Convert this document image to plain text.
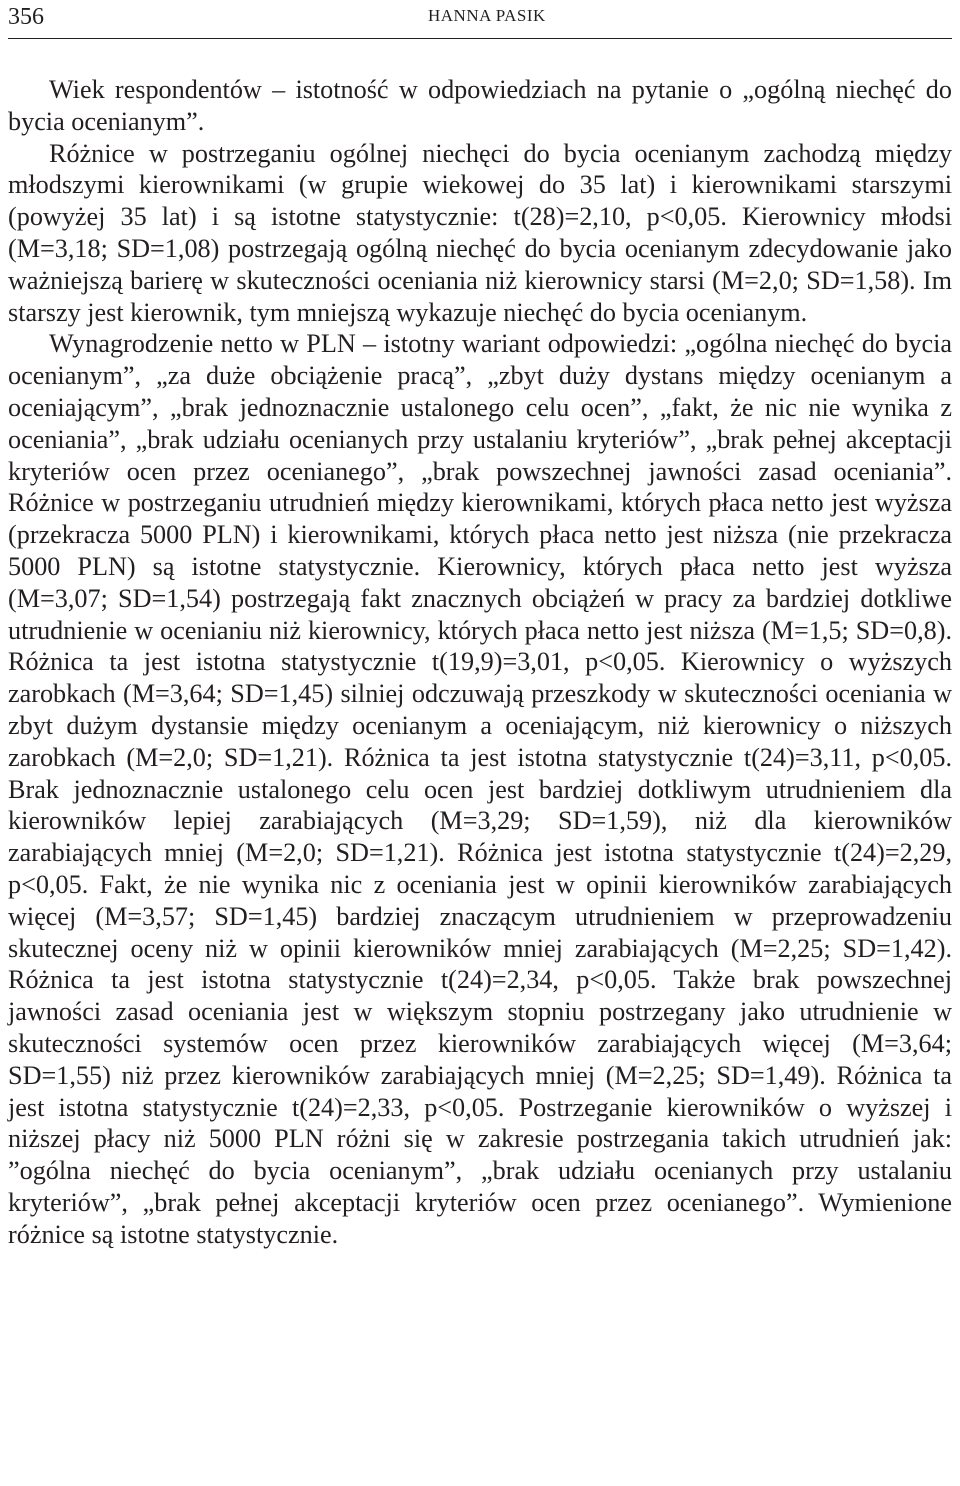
356	HANNA PASIK

Wiek respondentów – istotność w odpowiedziach na pytanie o „ogólną niechęć do bycia ocenianym”.

Różnice w postrzeganiu ogólnej niechęci do bycia ocenianym zachodzą między młodszymi kierownikami (w grupie wiekowej do 35 lat) i kierownikami starszymi (powyżej 35 lat) i są istotne statystycznie: t(28)=2,10, p<0,05. Kierownicy młodsi (M=3,18; SD=1,08) postrzegają ogólną niechęć do bycia ocenianym zdecydowanie jako ważniejszą barierę w skuteczności oceniania niż kierownicy starsi (M=2,0; SD=1,58). Im starszy jest kierownik, tym mniejszą wykazuje niechęć do bycia ocenianym.

Wynagrodzenie netto w PLN – istotny wariant odpowiedzi: „ogólna niechęć do bycia ocenianym”, „za duże obciążenie pracą”, „zbyt duży dystans między ocenianym a oceniającym”, „brak jednoznacznie ustalonego celu ocen”, „fakt, że nic nie wynika z oceniania”, „brak udziału ocenianych przy ustalaniu kryteriów”, „brak pełnej akceptacji kryteriów ocen przez ocenianego”, „brak powszechnej jawności zasad oceniania”. Różnice w postrzeganiu utrudnień między kierownikami, których płaca netto jest wyższa (przekracza 5000 PLN) i kierownikami, których płaca netto jest niższa (nie przekracza 5000 PLN) są istotne statystycznie. Kierownicy, których płaca netto jest wyższa (M=3,07; SD=1,54) postrzegają fakt znacznych obciążeń w pracy za bardziej dotkliwe utrudnienie w ocenianiu niż kierownicy, których płaca netto jest niższa (M=1,5; SD=0,8). Różnica ta jest istotna statystycznie t(19,9)=3,01, p<0,05. Kierownicy o wyższych zarobkach (M=3,64; SD=1,45) silniej odczuwają przeszkody w skuteczności oceniania w zbyt dużym dystansie między ocenianym a oceniającym, niż kierownicy o niższych zarobkach (M=2,0; SD=1,21). Różnica ta jest istotna statystycznie t(24)=3,11, p<0,05. Brak jednoznacznie ustalonego celu ocen jest bardziej dotkliwym utrudnieniem dla kierowników lepiej zarabiających (M=3,29; SD=1,59), niż dla kierowników zarabiających mniej (M=2,0; SD=1,21). Różnica jest istotna statystycznie t(24)=2,29, p<0,05. Fakt, że nie wynika nic z oceniania jest w opinii kierowników zarabiających więcej (M=3,57; SD=1,45) bardziej znaczącym utrudnieniem w przeprowadzeniu skutecznej oceny niż w opinii kierowników mniej zarabiających (M=2,25; SD=1,42). Różnica ta jest istotna statystycznie t(24)=2,34, p<0,05. Także brak powszechnej jawności zasad oceniania jest w większym stopniu postrzegany jako utrudnienie w skuteczności systemów ocen przez kierowników zarabiających więcej (M=3,64; SD=1,55) niż przez kierowników zarabiających mniej (M=2,25; SD=1,49). Różnica ta jest istotna statystycznie t(24)=2,33, p<0,05. Postrzeganie kierowników o wyższej i niższej płacy niż 5000 PLN różni się w zakresie postrzegania takich utrudnień jak: ”ogólna niechęć do bycia ocenianym”, „brak udziału ocenianych przy ustalaniu kryteriów”, „brak pełnej akceptacji kryteriów ocen przez ocenianego”. Wymienione różnice są istotne statystycznie.
